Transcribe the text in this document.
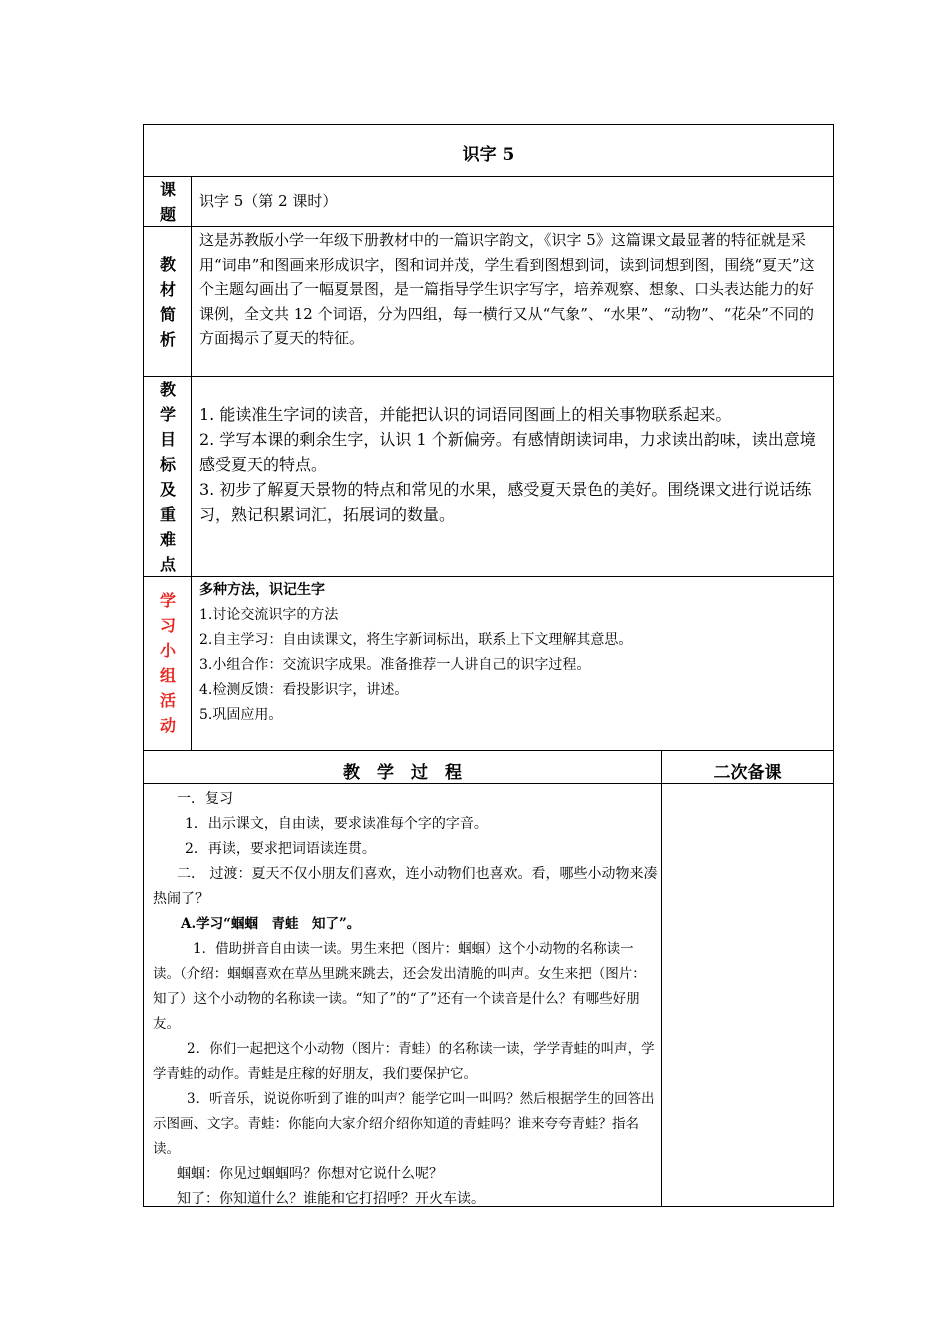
识字 5
课
题
识字 5（第 2 课时）
教
材
简
析
这是苏教版小学一年级下册教材中的一篇识字韵文，《识字 5》这篇课文最显著的特征就是采用“词串”和图画来形成识字，图和词并茂，学生看到图想到词，读到词想到图，围绕“夏天”这个主题勾画出了一幅夏景图，是一篇指导学生识字写字，培养观察、想象、口头表达能力的好课例，全文共 12 个词语，分为四组，每一横行又从“气象”、“水果”、“动物”、“花朵”不同的方面揭示了夏天的特征。
教
学
目
标
及
重
难
点

1. 能读准生字词的读音，并能把认识的词语同图画上的相关事物联系起来。

2. 学写本课的剩余生字，认识 1 个新偏旁。有感情朗读词串，力求读出韵味，读出意境感受夏天的特点。

3. 初步了解夏天景物的特点和常见的水果，感受夏天景色的美好。围绕课文进行说话练习，熟记积累词汇，拓展词的数量。

学
习
小
组
活
动

多种方法，识记生字

1.讨论交流识字的方法

2.自主学习：自由读课文，将生字新词标出，联系上下文理解其意思。

3.小组合作：交流识字成果。准备推荐一人讲自己的识字过程。

4.检测反馈：看投影识字，讲述。

5.巩固应用。

教　学　过　程	二次备课

一．复习

1．出示课文，自由读，要求读准每个字的字音。

2．再读，要求把词语读连贯。

二． 过渡：夏天不仅小朋友们喜欢，连小动物们也喜欢。看，哪些小动物来凑热闹了？

A.学习“蝈蝈　青蛙　知了”。

1．借助拼音自由读一读。男生来把（图片：蝈蝈）这个小动物的名称读一读。（介绍：蝈蝈喜欢在草丛里跳来跳去，还会发出清脆的叫声。女生来把（图片：知了）这个小动物的名称读一读。“知了”的“了”还有一个读音是什么？有哪些好朋友。

2．你们一起把这个小动物（图片：青蛙）的名称读一读，学学青蛙的叫声，学学青蛙的动作。青蛙是庄稼的好朋友，我们要保护它。

3．听音乐，说说你听到了谁的叫声？能学它叫一叫吗？然后根据学生的回答出示图画、文字。青蛙：你能向大家介绍介绍你知道的青蛙吗？谁来夸夸青蛙？指名读。

蝈蝈：你见过蝈蝈吗？你想对它说什么呢？

知了：你知道什么？谁能和它打招呼？开火车读。
